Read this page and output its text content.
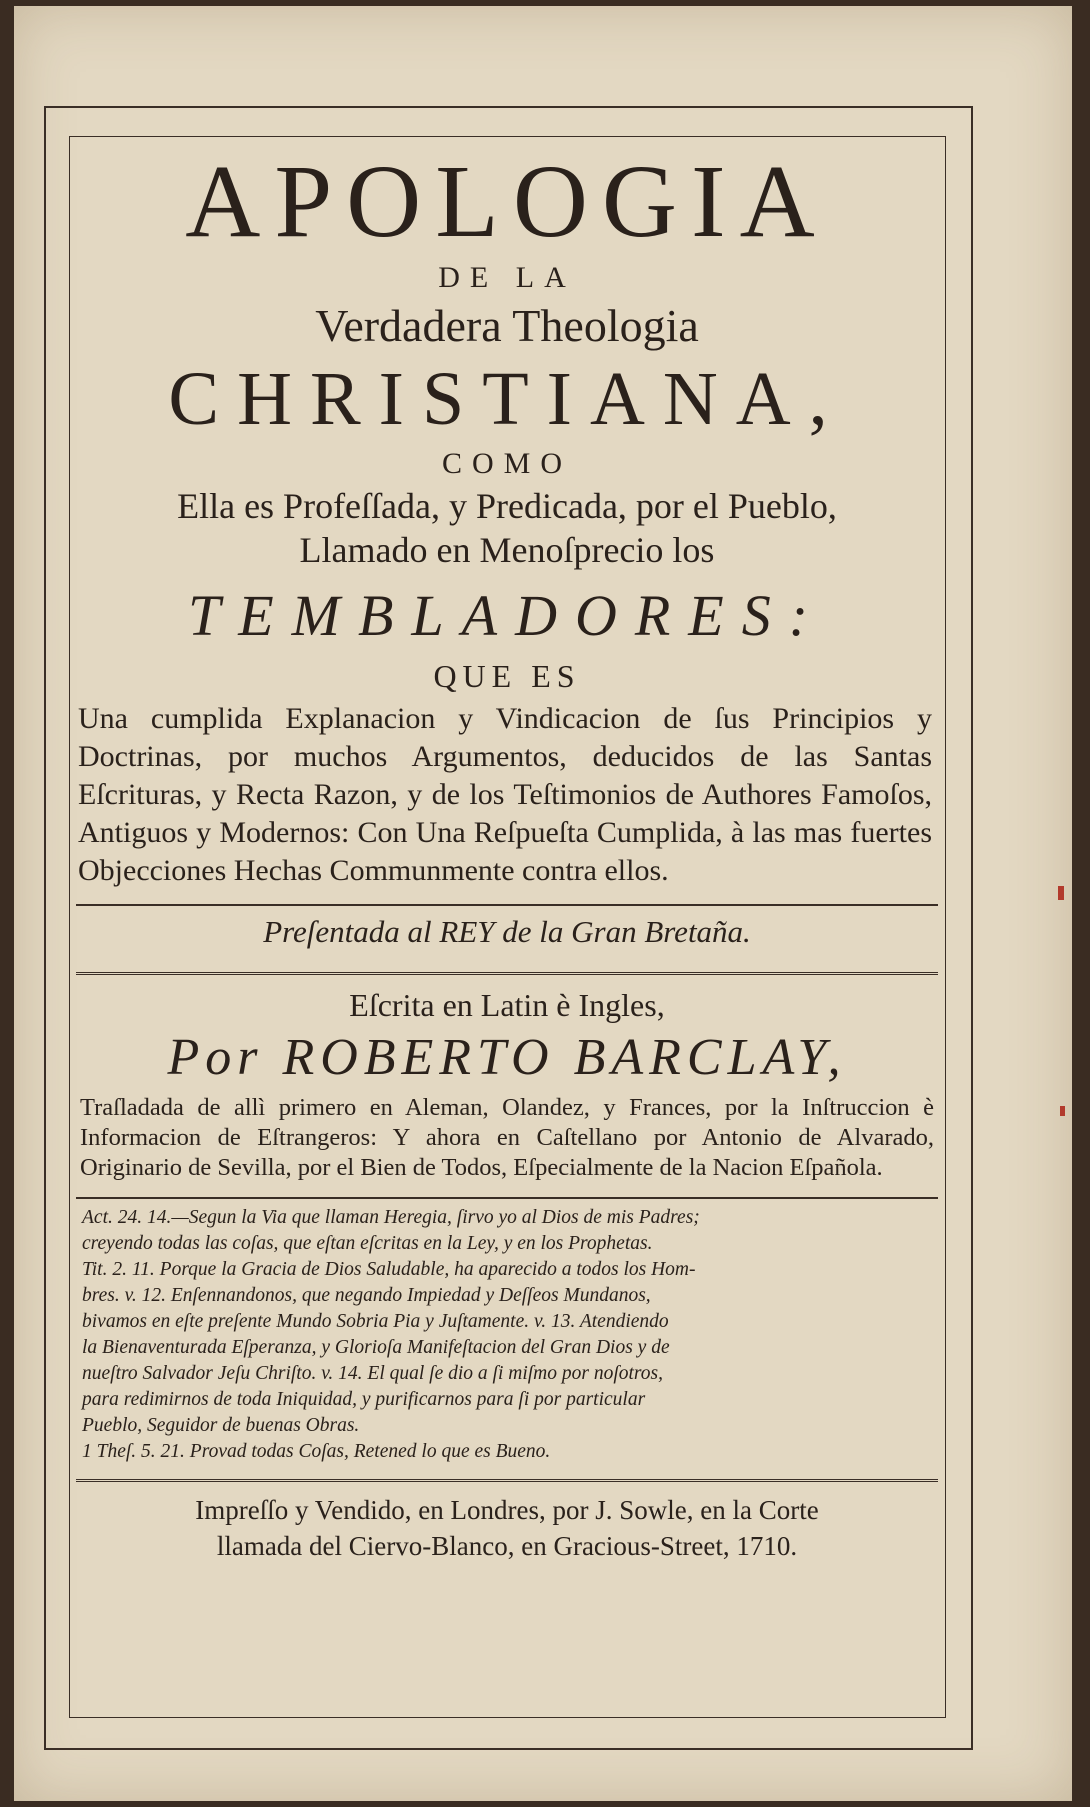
APOLOGIA
DE LA
Verdadera Theologia
CHRISTIANA,
COMO
Ella es Profeſſada, y Predicada, por el Pueblo,
Llamado en Menoſprecio los
TEMBLADORES:
QUE ES
Una cumplida Explanacion y Vindicacion de ſus Principios y Doctrinas, por muchos Argumentos, deducidos de las Santas Eſcrituras, y Recta Razon, y de los Teſtimonios de Authores Famoſos, Antiguos y Modernos: Con Una Reſpueſta Cumplida, à las mas fuertes Objecciones Hechas Communmente contra ellos.
Preſentada al REY de la Gran Bretaña.
Eſcrita en Latin è Ingles,
Por ROBERTO BARCLAY,
Traſladada de allì primero en Aleman, Olandez, y Frances, por la Inſtruccion è Informacion de Eſtrangeros: Y ahora en Caſtellano por Antonio de Alvarado, Originario de Sevilla, por el Bien de Todos, Eſpecialmente de la Nacion Eſpañola.
Act. 24. 14.—Segun la Via que llaman Heregia, ſirvo yo al Dios de mis Padres;
creyendo todas las coſas, que eſtan eſcritas en la Ley, y en los Prophetas.
Tit. 2. 11. Porque la Gracia de Dios Saludable, ha aparecido a todos los Hom-
bres. v. 12. Enſennandonos, que negando Impiedad y Deſſeos Mundanos,
bivamos en eſte preſente Mundo Sobria Pia y Juſtamente. v. 13. Atendiendo
la Bienaventurada Eſperanza, y Glorioſa Manifeſtacion del Gran Dios y de
nueſtro Salvador Jeſu Chriſto. v. 14. El qual ſe dio a ſi miſmo por noſotros,
para redimirnos de toda Iniquidad, y purificarnos para ſi por particular
Pueblo, Seguidor de buenas Obras.
1 Theſ. 5. 21. Provad todas Coſas, Retened lo que es Bueno.
Impreſſo y Vendido, en Londres, por J. Sowle, en la Corte
llamada del Ciervo-Blanco, en Gracious-Street, 1710.
